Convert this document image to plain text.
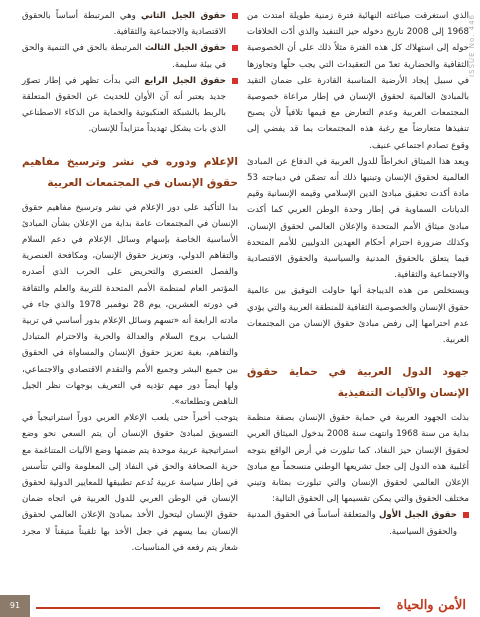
ISSUE No. 446

الذي استغرقت صياغته النهائية فترة زمنية طويلة امتدت من 1968 إلى 2008 تاريخ دخوله حيز التنفيذ والذي أدّت الخلافات حوله إلى استهلاك كل هذه الفترة مثلاً ذلك على أن الخصوصية الثقافية والحضارية تعدّ من التعقيدات التي يجب حلّها وتجاوزها في سبيل إيجاد الأرضية المناسبة القادرة على ضمان التقيد بالمبادئ العالمية لحقوق الإنسان في إطار مراعاة خصوصية المجتمعات العربية وعدم التعارض مع قيمها تلافياً لأن يصبح تنفيذها متعارضاً مع رغبة هذه المجتمعات بما قد يفضي إلى وقوع تصادم اجتماعي عنيف.

ويعد هذا الميثاق انخراطاً للدول العربية في الدفاع عن المبادئ العالمية لحقوق الإنسان وتبنيها ذلك أنه تضمّن في ديباجته 53 مادة أكدت تحقيق مبادئ الدين الإسلامي وقيمه الإنسانية وقيم الديانات السماوية في إطار وحدة الوطن العربي كما أكدت مبادئ ميثاق الأمم المتحدة والإعلان العالمي لحقوق الإنسان، وكذلك ضرورة احترام أحكام العهدين الدوليين للأمم المتحدة فيما يتعلق بالحقوق المدنية والسياسية والحقوق الاقتصادية والاجتماعية والثقافية.

ويستخلص من هذه الديباجة أنها حاولت التوفيق بين عالمية حقوق الإنسان والخصوصية الثقافية للمنطقة العربية والتي يؤدي عدم احترامها إلى رفض مبادئ حقوق الإنسان من المجتمعات العربية.

جهود الدول العربية في حماية حقوق الإنسان والآليات التنفيذية

بذلت الجهود العربية في حماية حقوق الإنسان بصفة منظمة بداية من سنة 1968 وانتهت سنة 2008 بدخول الميثاق العربي لحقوق الإنسان حيز النفاذ، كما تبلورت في أرض الواقع بتوجه أغلبية هذه الدول إلى جعل تشريعها الوطني منسجماً مع مبادئ الإعلان العالمي لحقوق الإنسان والتي تبلورت بمثابة وتبني مختلف الحقوق والتي يمكن تقسيمها إلى الحقوق التالية:

حقوق الجيل الأول والمتعلقة أساساً في الحقوق المدنية والحقوق السياسية.

حقوق الجيل الثاني وهي المرتبطة أساساً بالحقوق الاقتصادية والاجتماعية والثقافية.

حقوق الجيل الثالث المرتبطة بالحق في التنمية والحق في بيئة سليمة.

حقوق الجيل الرابع التي بدأت تظهر في إطار تصوّر جديد يعتبر أنه آن الأوان للحديث عن الحقوق المتعلقة بالربط بالشبكة العنكبوتية والحماية من الذكاء الاصطناعي الذي بات يشكل تهديداً متزايداً للإنسان.

الإعلام ودوره في نشر وترسيخ مفاهيم حقوق الإنسان في المجتمعات العربية

بدا التأكيد على دور الإعلام في نشر وترسيخ مفاهيم حقوق الإنسان في المجتمعات عامة بداية من الإعلان بشأن المبادئ الأساسية الخاصة بإسهام وسائل الإعلام في دعم السلام والتفاهم الدولي، وتعزيز حقوق الإنسان، ومكافحة العنصرية والفصل العنصري والتحريض على الحرب الذي أصدره المؤتمر العام لمنظمة الأمم المتحدة للتربية والعلم والثقافة في دورته العشرين، يوم 28 نوفمبر 1978 والذي جاء في مادته الرابعة أنه «تسهم وسائل الإعلام بدور أساسي في تربية الشباب بروح السلام والعدالة والحرية والاحترام المتبادل والتفاهم، بغية تعزيز حقوق الإنسان والمساواة في الحقوق بين جميع البشر وجميع الأمم والتقدم الاقتصادي والاجتماعي، ولها أيضاً دور مهم تؤديه في التعريف بوجهات نظر الجيل الناهض وتطلعاته».

يتوجب أخيراً حتى يلعب الإعلام العربي دوراً استراتيجياً في التسويق لمبادئ حقوق الإنسان أن يتم السعي نحو وضع استراتيجية عربية موحدة يتم ضمنها وضع الآليات المتناغمة مع حرية الصحافة والحق في النفاذ إلى المعلومة والتي تتأسس في إطار سياسة عربية تُدعم تطبيقها للمعايير الدولية لحقوق الإنسان في الوطن العربي للدول العربية في اتجاه ضمان حقوق الإنسان ليتحول الأخذ بمبادئ الإعلان العالمي لحقوق الإنسان بما يسهم في جعل الأخذ بها تلقيناً متيقناً لا مجرد شعار يتم رفعه في المناسبات.

91	الأمن والحياة
